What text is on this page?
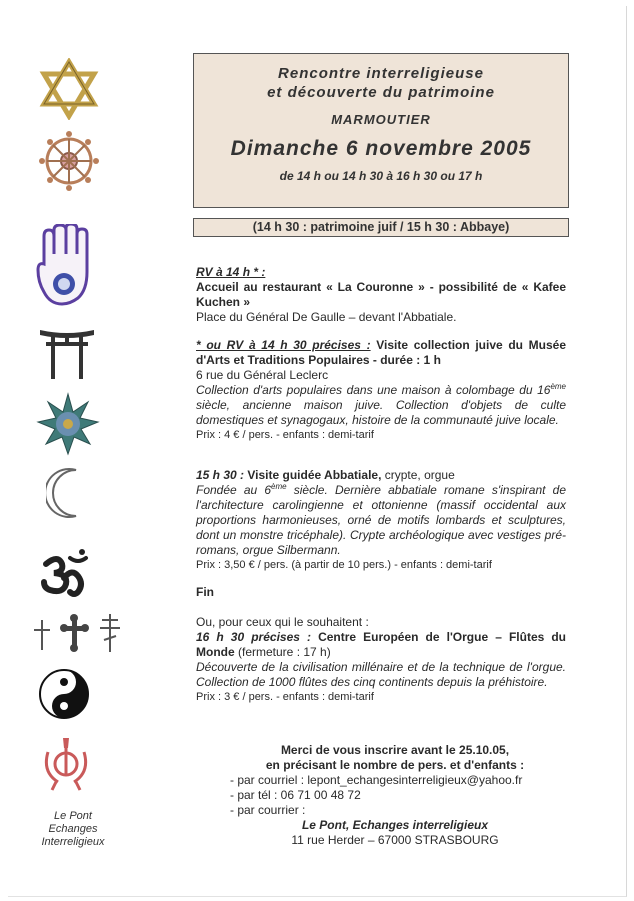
Le Pont
Echanges
Interreligieux
Rencontre interreligieuse
et découverte du patrimoine
MARMOUTIER
Dimanche 6 novembre 2005
de 14 h ou 14 h 30 à 16 h 30 ou 17 h
(14 h 30 : patrimoine juif / 15 h 30 : Abbaye)

RV à 14 h * :

Accueil au restaurant « La Couronne » - possibilité de « Kafee Kuchen »

Place du Général De Gaulle – devant l'Abbatiale.

* ou RV à 14 h 30 précises : Visite collection juive du Musée d'Arts et Traditions Populaires - durée : 1 h

6 rue du Général Leclerc

Collection d'arts populaires dans une maison à colombage du 16ème siècle, ancienne maison juive. Collection d'objets de culte domestiques et synagogaux, histoire de la communauté juive locale.

Prix : 4 € / pers. - enfants : demi-tarif

15 h 30 : Visite guidée Abbatiale, crypte, orgue

Fondée au 6ème siècle. Dernière abbatiale romane s'inspirant de l'architecture carolingienne et ottonienne (massif occidental aux proportions harmonieuses, orné de motifs lombards et sculptures, dont un monstre tricéphale). Crypte archéologique avec vestiges pré-romans, orgue Silbermann.

Prix : 3,50 € / pers. (à partir de 10 pers.) - enfants : demi-tarif

Fin

Ou, pour ceux qui le souhaitent :

16 h 30 précises : Centre Européen de l'Orgue – Flûtes du Monde (fermeture : 17 h)

Découverte de la civilisation millénaire et de la technique de l'orgue. Collection de 1000 flûtes des cinq continents depuis la préhistoire.

Prix : 3 € / pers. - enfants : demi-tarif

Merci de vous inscrire avant le 25.10.05,

en précisant le nombre de pers. et d'enfants :

- par courriel : lepont_echangesinterreligieux@yahoo.fr

- par tél : 06 71 00 48 72

- par courrier :

Le Pont, Echanges interreligieux

11 rue Herder – 67000 STRASBOURG
